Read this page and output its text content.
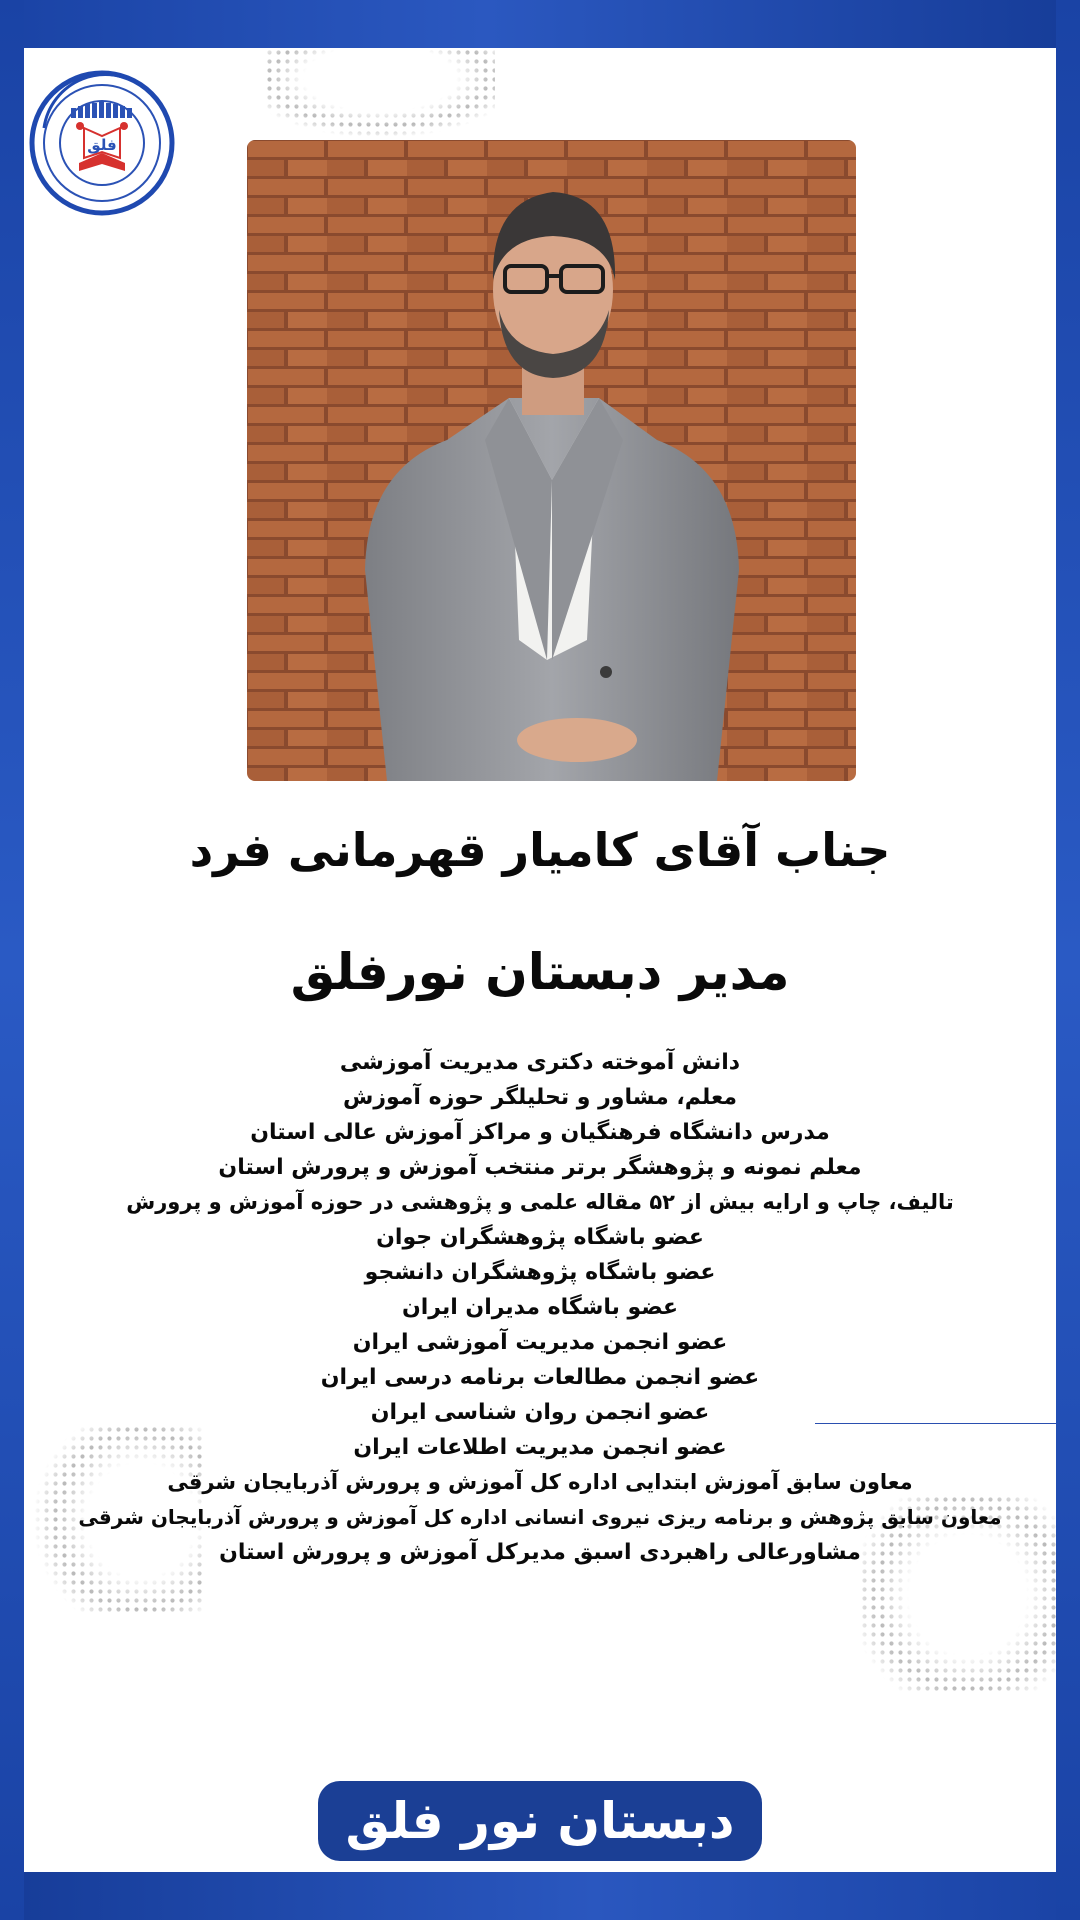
فلق
جناب آقای کامیار قهرمانی فرد
مدیر دبستان نورفلق
دانش آموخته دکتری مدیریت آموزشی
معلم، مشاور و تحلیلگر حوزه آموزش
مدرس دانشگاه فرهنگیان و مراکز آموزش عالی استان
معلم نمونه و پژوهشگر برتر منتخب آموزش و پرورش استان
تالیف، چاپ و ارایه بیش از ۵۲ مقاله علمی و پژوهشی در حوزه آموزش و پرورش
عضو باشگاه پژوهشگران جوان
عضو باشگاه پژوهشگران دانشجو
عضو باشگاه مدیران ایران
عضو انجمن مدیریت آموزشی ایران
عضو انجمن مطالعات برنامه درسی ایران
عضو انجمن روان شناسی ایران
عضو انجمن مدیریت اطلاعات ایران
معاون سابق آموزش ابتدایی اداره کل آموزش و پرورش آذربایجان شرقی
معاون سابق پژوهش و برنامه ریزی نیروی انسانی اداره کل آموزش و پرورش آذربایجان شرقی
مشاورعالی راهبردی اسبق مدیرکل آموزش و پرورش استان
دبستان نور فلق
